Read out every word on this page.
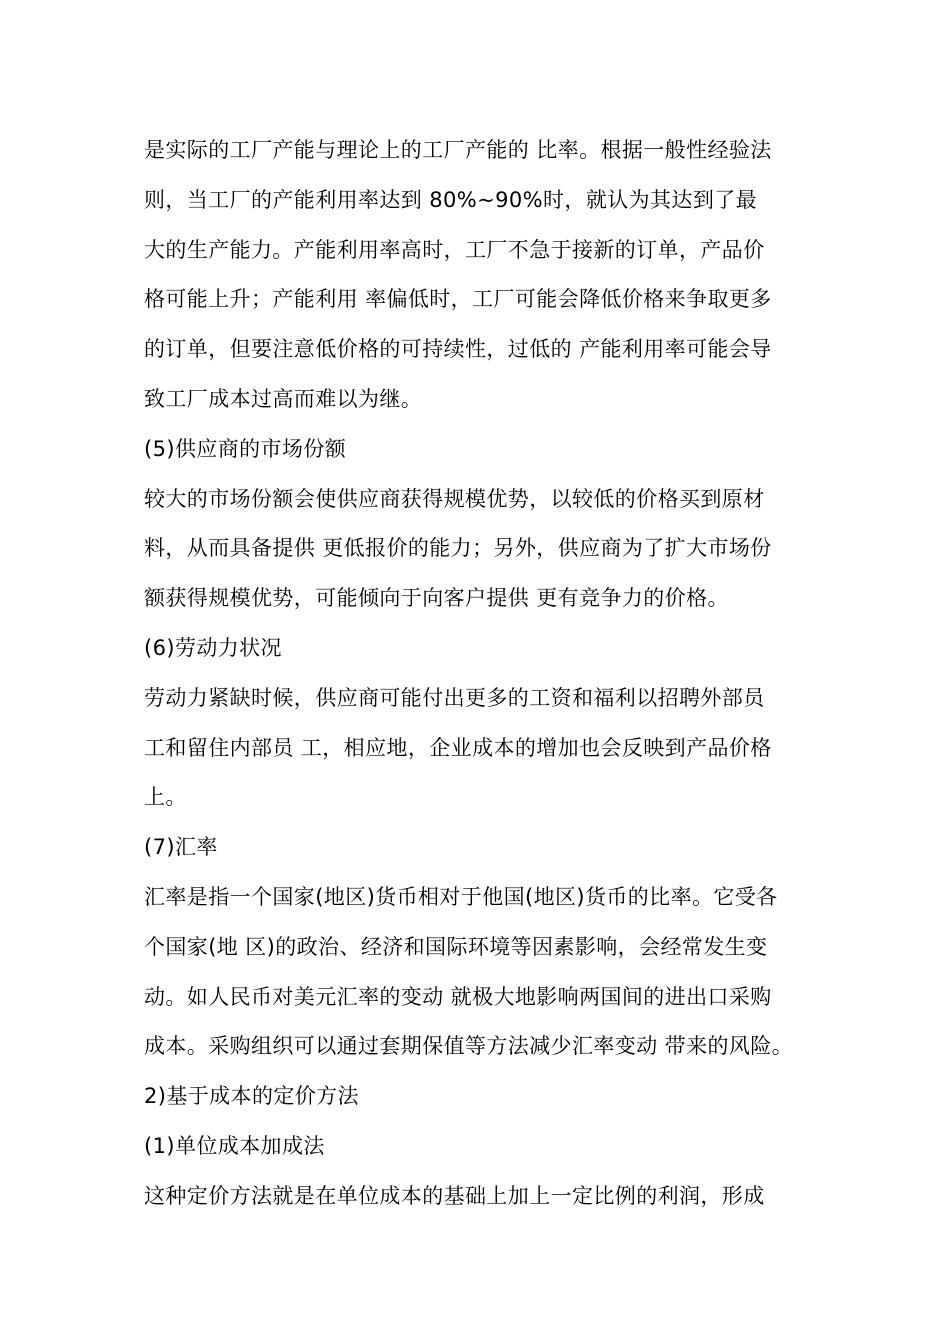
是实际的工厂产能与理论上的工厂产能的 比率。根据一般性经验法
则，当工厂的产能利用率达到 80%~90%时，就认为其达到了最
大的生产能力。产能利用率高时，工厂不急于接新的订单，产品价
格可能上升；产能利用 率偏低时，工厂可能会降低价格来争取更多
的订单，但要注意低价格的可持续性，过低的 产能利用率可能会导
致工厂成本过高而难以为继。
(5)供应商的市场份额
较大的市场份额会使供应商获得规模优势，以较低的价格买到原材
料，从而具备提供 更低报价的能力；另外，供应商为了扩大市场份
额获得规模优势，可能倾向于向客户提供 更有竞争力的价格。
(6)劳动力状况
劳动力紧缺时候，供应商可能付出更多的工资和福利以招聘外部员
工和留住内部员 工，相应地，企业成本的增加也会反映到产品价格
上。
(7)汇率
汇率是指一个国家(地区)货币相对于他国(地区)货币的比率。它受各
个国家(地 区)的政治、经济和国际环境等因素影响，会经常发生变
动。如人民币对美元汇率的变动 就极大地影响两国间的进出口采购
成本。采购组织可以通过套期保值等方法减少汇率变动 带来的风险。
2)基于成本的定价方法
(1)单位成本加成法
这种定价方法就是在单位成本的基础上加上一定比例的利润，形成
